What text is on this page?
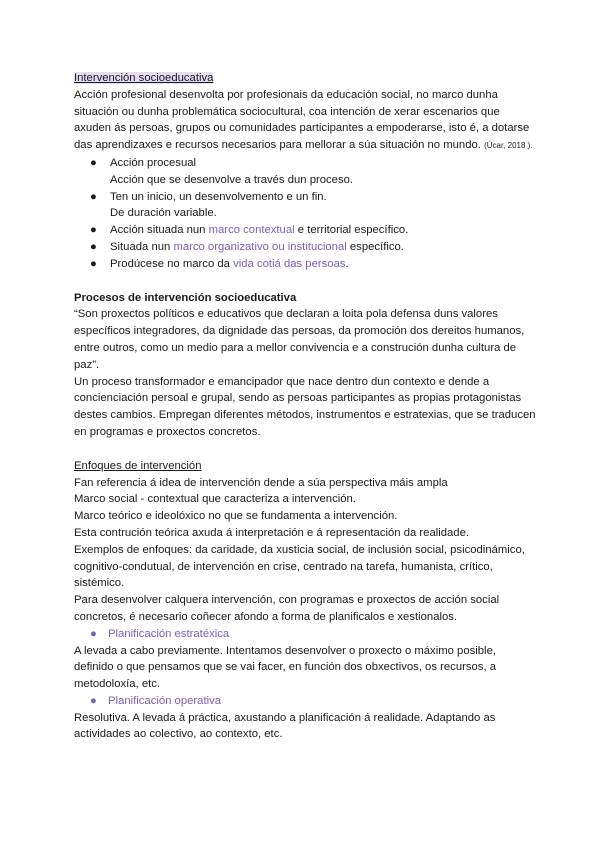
Intervención socioeducativa
Acción profesional desenvolta por profesionais da educación social, no marco dunha
situación ou dunha problemática sociocultural, coa intención de xerar escenarios que
axuden ás persoas, grupos ou comunidades participantes a empoderarse, isto é, a dotarse
das aprendizaxes e recursos necesarios para mellorar a súa situación no mundo. (Úcar, 2018 ).
● Acción procesual
Acción que se desenvolve a través dun proceso.
● Ten un inicio, un desenvolvemento e un fin.
De duración variable.
● Acción situada nun marco contextual e territorial específico.
● Situada nun marco organizativo ou institucional específico.
● Prodúcese no marco da vida cotiá das persoas.
Procesos de intervención socioeducativa
“Son proxectos políticos e educativos que declaran a loita pola defensa duns valores
específicos integradores, da dignidade das persoas, da promoción dos dereitos humanos,
entre outros, como un medio para a mellor convivencia e a construción dunha cultura de
paz”.
Un proceso transformador e emancipador que nace dentro dun contexto e dende a
concienciación persoal e grupal, sendo as persoas participantes as propias protagonistas
destes cambios. Empregan diferentes métodos, instrumentos e estratexias, que se traducen
en programas e proxectos concretos.
Enfoques de intervención
Fan referencia á idea de intervención dende a súa perspectiva máis ampla
Marco social - contextual que caracteriza a intervención.
Marco teórico e ideolóxico no que se fundamenta a intervención.
Esta contrución teórica axuda á interpretación e á representación da realidade.
Exemplos de enfoques: da caridade, da xusticia social, de inclusión social, psicodinámico,
cognitivo-condutual, de intervención en crise, centrado na tarefa, humanista, crítico,
sistémico.
Para desenvolver calquera intervención, con programas e proxectos de acción social
concretos, é necesario coñecer afondo a forma de planificalos e xestionalos.
● Planificación estratéxica
A levada a cabo previamente. Intentamos desenvolver o proxecto o máximo posible,
definido o que pensamos que se vai facer, en función dos obxectivos, os recursos, a
metodoloxía, etc.
● Planificación operativa
Resolutiva. A levada á práctica, axustando a planificación á realidade. Adaptando as
actividades ao colectivo, ao contexto, etc.
